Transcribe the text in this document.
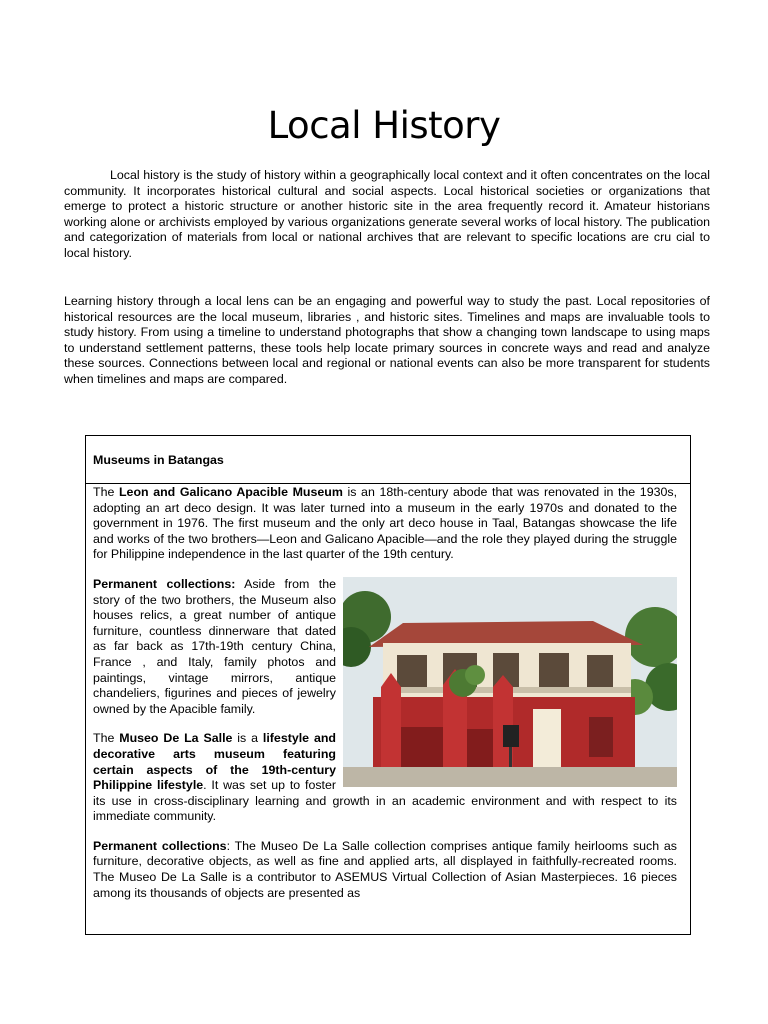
Local History
Local history is the study of history within a geographically local context and it often concentrates on the local community. It incorporates historical cultural and social aspects. Local historical societies or organizations that emerge to protect a historic structure or another historic site in the area frequently record it. Amateur historians working alone or archivists employed by various organizations generate several works of local history. The publication and categorization of materials from local or national archives that are relevant to specific locations are cru cial to local history.
Learning history through a local lens can be an engaging and powerful way to study the past. Local repositories of historical resources are the local museum, libraries , and historic sites. Timelines and maps are invaluable tools to study history. From using a timeline to understand photographs that show a changing town landscape to using maps to understand settlement patterns, these tools help locate primary sources in concrete ways and read and analyze these sources. Connections between local and regional or national events can also be more transparent for students when timelines and maps are compared.
Museums in Batangas

The Leon and Galicano Apacible Museum is an 18th-century abode that was renovated in the 1930s, adopting an art deco design. It was later turned into a museum in the early 1970s and donated to the government in 1976. The first museum and the only art deco house in Taal, Batangas showcase the life and works of the two brothers—Leon and Galicano Apacible—and the role they played during the struggle for Philippine independence in the last quarter of the 19th century.

Permanent collections: Aside from the story of the two brothers, the Museum also houses relics, a great number of antique furniture, countless dinnerware that dated as far back as 17th-19th century China, France , and Italy, family photos and paintings, vintage mirrors, antique chandeliers, figurines and pieces of jewelry owned by the Apacible family.

The Museo De La Salle is a lifestyle and decorative arts museum featuring certain aspects of the 19th-century Philippine lifestyle. It was set up to foster its use in cross-disciplinary learning and growth in an academic environment and with respect to its immediate community.

Permanent collections: The Museo De La Salle collection comprises antique family heirlooms such as furniture, decorative objects, as well as fine and applied arts, all displayed in faithfully-recreated rooms. The Museo De La Salle is a contributor to ASEMUS Virtual Collection of Asian Masterpieces. 16 pieces among its thousands of objects are presented as
